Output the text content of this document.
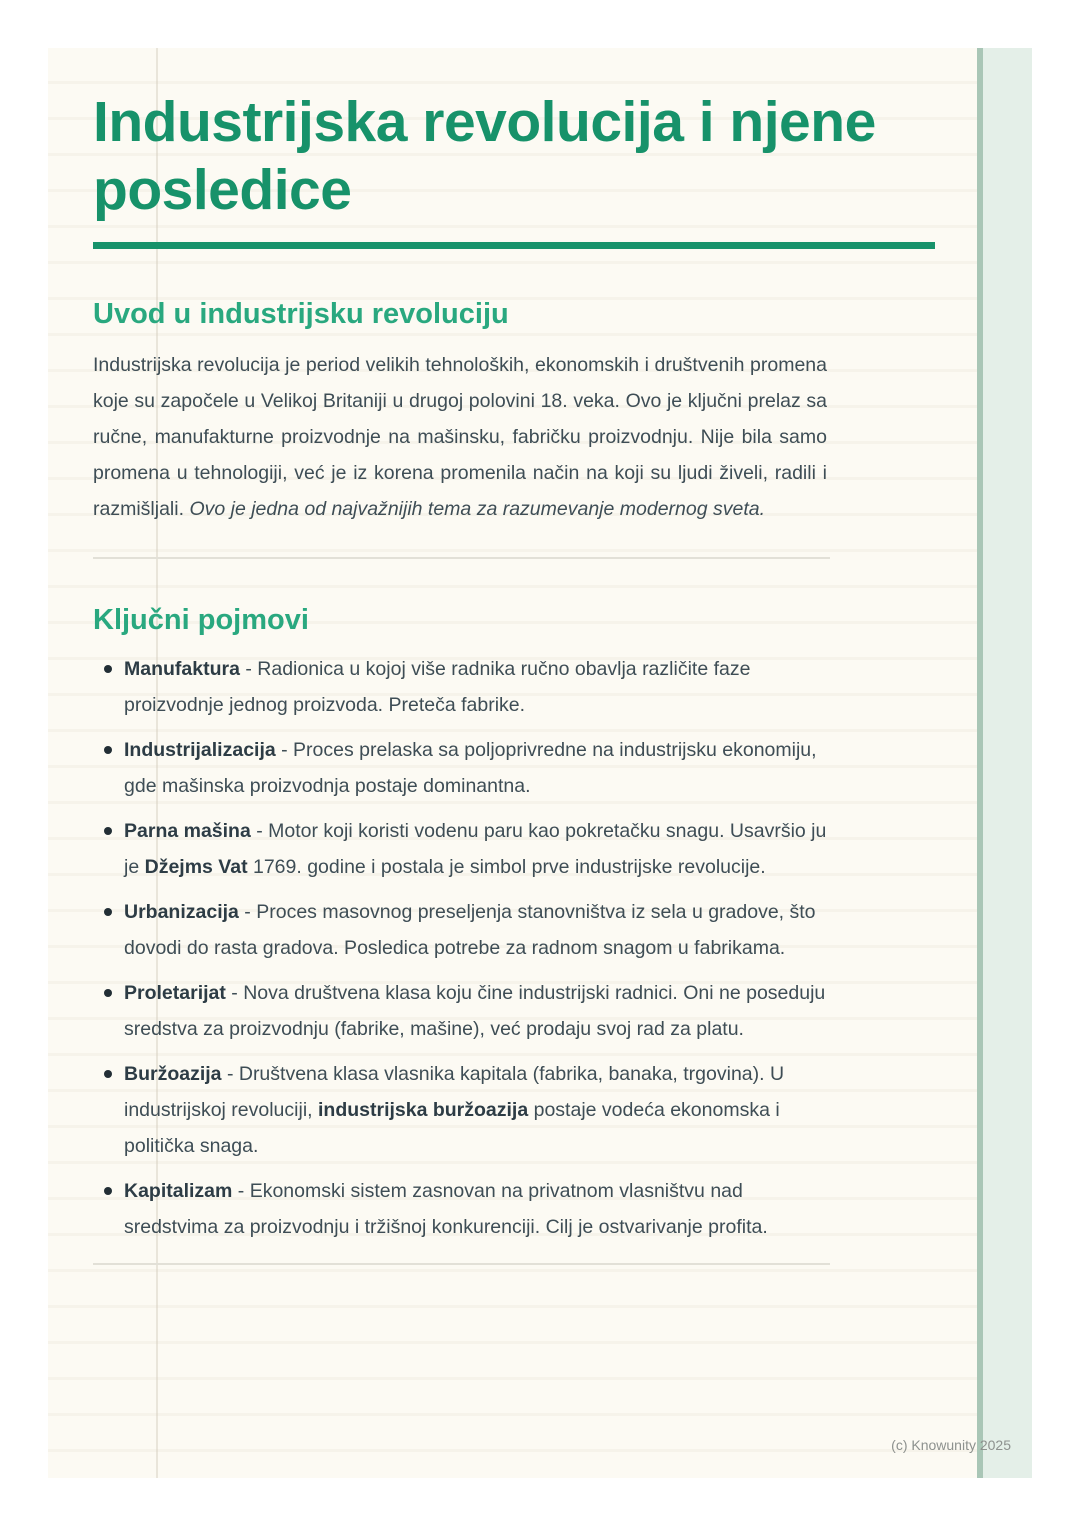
Industrijska revolucija i njene posledice
Uvod u industrijsku revoluciju

Industrijska revolucija je period velikih tehnoloških, ekonomskih i društvenih promena koje su započele u Velikoj Britaniji u drugoj polovini 18. veka. Ovo je ključni prelaz sa ručne, manufakturne proizvodnje na mašinsku, fabričku proizvodnju. Nije bila samo promena u tehnologiji, već je iz korena promenila način na koji su ljudi živeli, radili i razmišljali. Ovo je jedna od najvažnijih tema za razumevanje modernog sveta.

Ključni pojmovi
Manufaktura - Radionica u kojoj više radnika ručno obavlja različite faze proizvodnje jednog proizvoda. Preteča fabrike.
Industrijalizacija - Proces prelaska sa poljoprivredne na industrijsku ekonomiju, gde mašinska proizvodnja postaje dominantna.
Parna mašina - Motor koji koristi vodenu paru kao pokretačku snagu. Usavršio ju je Džejms Vat 1769. godine i postala je simbol prve industrijske revolucije.
Urbanizacija - Proces masovnog preseljenja stanovništva iz sela u gradove, što dovodi do rasta gradova. Posledica potrebe za radnom snagom u fabrikama.
Proletarijat - Nova društvena klasa koju čine industrijski radnici. Oni ne poseduju sredstva za proizvodnju (fabrike, mašine), već prodaju svoj rad za platu.
Buržoazija - Društvena klasa vlasnika kapitala (fabrika, banaka, trgovina). U industrijskoj revoluciji, industrijska buržoazija postaje vodeća ekonomska i politička snaga.
Kapitalizam - Ekonomski sistem zasnovan na privatnom vlasništvu nad sredstvima za proizvodnju i tržišnoj konkurenciji. Cilj je ostvarivanje profita.
(c) Knowunity 2025
